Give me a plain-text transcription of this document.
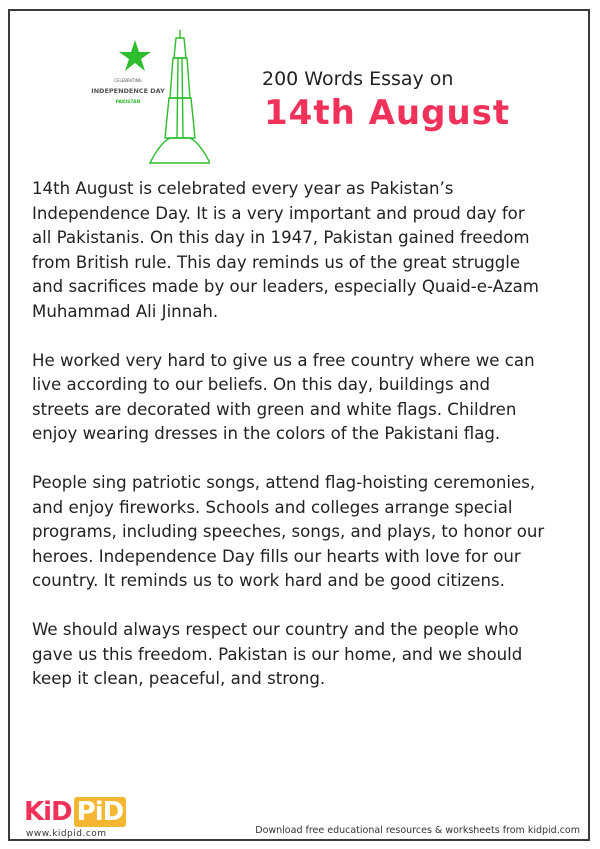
CELEBRATING
INDEPENDENCE DAY
PAKISTAN
200 Words Essay on
14th August

14th August is celebrated every year as Pakistan’s
Independence Day. It is a very important and proud day for
all Pakistanis. On this day in 1947, Pakistan gained freedom
from British rule. This day reminds us of the great struggle
and sacrifices made by our leaders, especially Quaid-e-Azam
Muhammad Ali Jinnah.

He worked very hard to give us a free country where we can
live according to our beliefs. On this day, buildings and
streets are decorated with green and white flags. Children
enjoy wearing dresses in the colors of the Pakistani flag.

People sing patriotic songs, attend flag-hoisting ceremonies,
and enjoy fireworks. Schools and colleges arrange special
programs, including speeches, songs, and plays, to honor our
heroes. Independence Day fills our hearts with love for our
country. It reminds us to work hard and be good citizens.

We should always respect our country and the people who
gave us this freedom. Pakistan is our home, and we should
keep it clean, peaceful, and strong.

KiD PiD
www.kidpid.com	Download free educational resources & worksheets from kidpid.com
